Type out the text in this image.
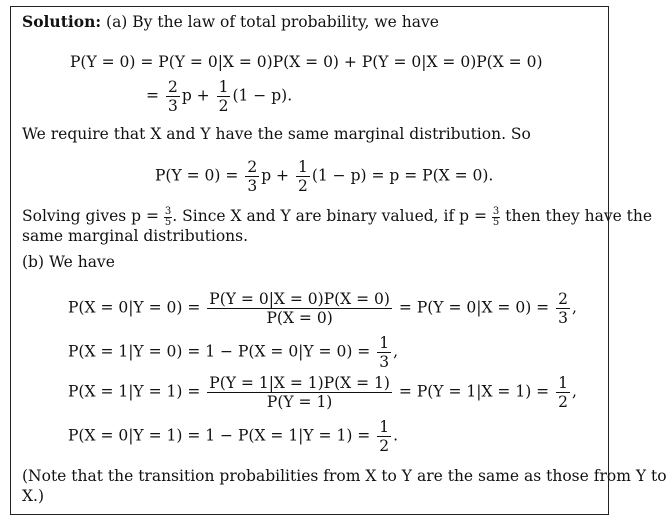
Solution: (a) By the law of total probability, we have
P(Y = 0) = P(Y = 0|X = 0)P(X = 0) + P(Y = 0|X = 0)P(X = 0)
= $\frac{2}{3}$ $p + \frac{1}{2} (1 - p)$.
We require that X and Y have the same marginal distribution. So
$P(Y = 0) = \frac{2}{3}$ $p + \frac{1}{2} (1 - p) = p = P(X = 0)$.
Solving gives $p = \frac{3}{5}$ . Since X and Y are binary valued, if $p = \frac{3}{5}$ then they have the
same marginal distributions.
(b) We have
$P(X = 0|Y = 0) = \frac{P(Y = 0|X = 0)P(X = 0)}{P(X = 0)} = P(Y = 0|X = 0) = \frac{2}{3}$ ,
$P(X = 1|Y = 0) = 1 - P(X = 0|Y = 0) = \frac{1}{3}$ ,
$P(X = 1|Y = 1) = \frac{P(Y = 1|X = 1)P(X = 1)}{P(Y = 1)} = P(Y = 1|X = 1) = \frac{1}{2}$ ,
$P(X = 0|Y = 1) = 1 - P(X = 1|Y = 1) = \frac{1}{2}$ .
(Note that the transition probabilities from X to Y are the same as those from Y to
X.)
